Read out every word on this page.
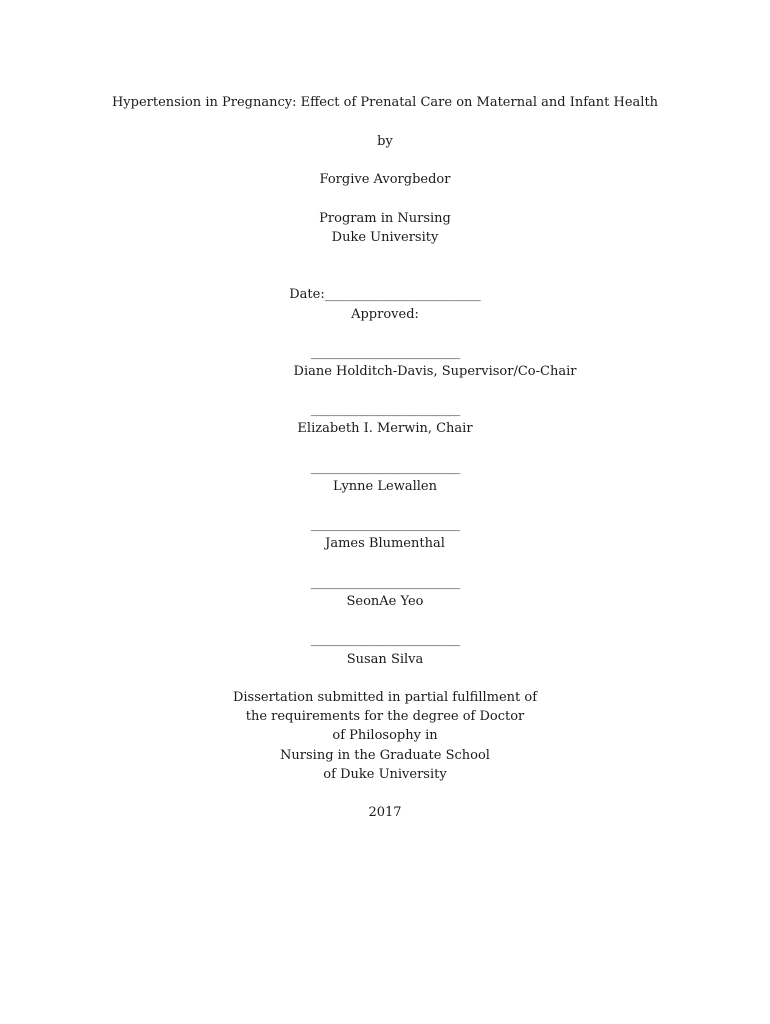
Hypertension in Pregnancy: Effect of Prenatal Care on Maternal and Infant Health
by
Forgive Avorgbedor
Program in Nursing
Duke University
Date:________________________
Approved:
___________________________
Diane Holditch-Davis, Supervisor/Co-Chair
___________________________
Elizabeth I. Merwin, Chair
___________________________
Lynne Lewallen
___________________________
James Blumenthal
___________________________
SeonAe Yeo
___________________________
Susan Silva
Dissertation submitted in partial fulfillment of
the requirements for the degree of Doctor
of Philosophy in
Nursing in the Graduate School
of Duke University
2017
